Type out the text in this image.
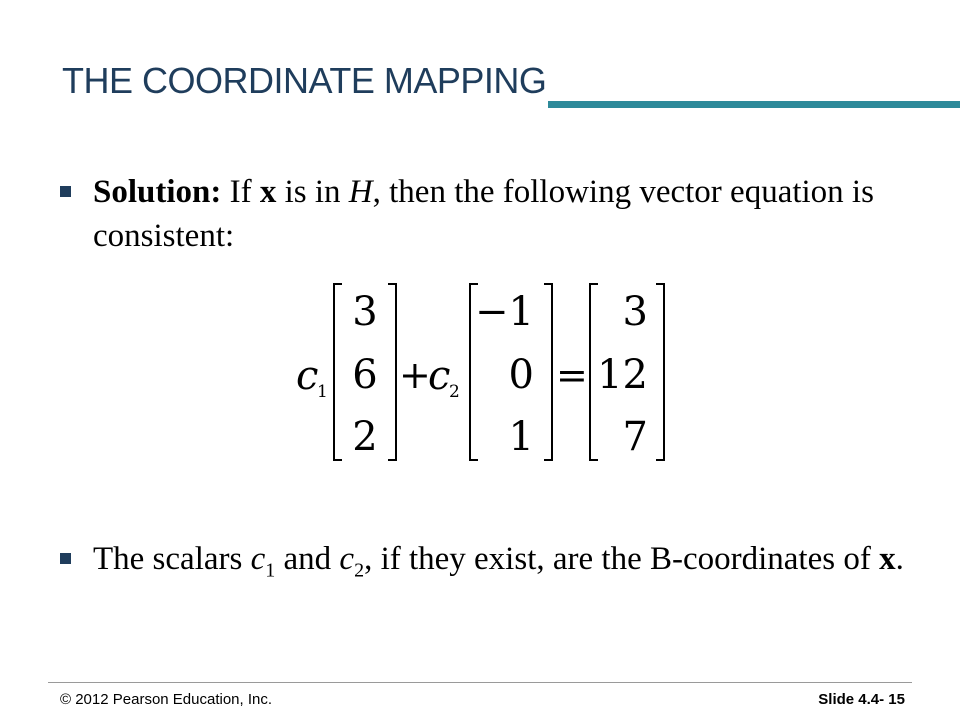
THE COORDINATE MAPPING
Solution: If x is in H, then the following vector equation is consistent:
c
1
3
6
2
+
c
2
−1
0
1
=
3
12
7
The scalars $c_1$ and $c_2$, if they exist, are the B-coordinates of x.
© 2012 Pearson Education, Inc.	Slide 4.4- 15
